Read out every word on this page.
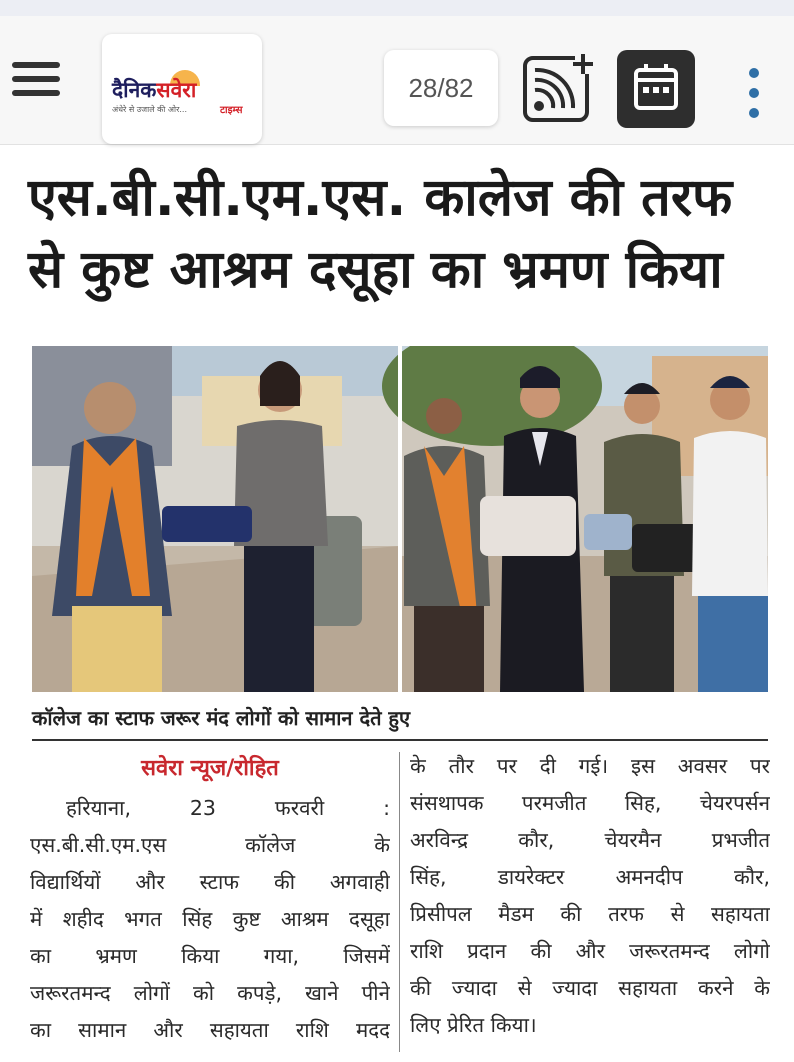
दैनिकसवेरा
अंधेरे से उजाले की ओर...	टाइम्स
28/82
एस.बी.सी.एम.एस. कालेज की तरफ
से कुष्ट आश्रम दसूहा का भ्रमण किया
कॉलेज का स्टाफ जरूर मंद लोगों को सामान देते हुए
सवेरा न्यूज/रोहित
हरियाना, 23 फरवरी :
एस.बी.सी.एम.एस कॉलेज के
विद्यार्थियों और स्टाफ की अगवाही
में शहीद भगत सिंह कुष्ट आश्रम दसूहा
का भ्रमण किया गया, जिसमें
जरूरतमन्द लोगों को कपड़े, खाने पीने
का सामान और सहायता राशि मदद
के तौर पर दी गई। इस अवसर पर
संसथापक परमजीत सिह, चेयरपर्सन
अरविन्द्र कौर, चेयरमैन प्रभजीत
सिंह, डायरेक्टर अमनदीप कौर,
प्रिसीपल मैडम की तरफ से सहायता
राशि प्रदान की और जरूरतमन्द लोगो
की ज्यादा से ज्यादा सहायता करने के
लिए प्रेरित किया।
